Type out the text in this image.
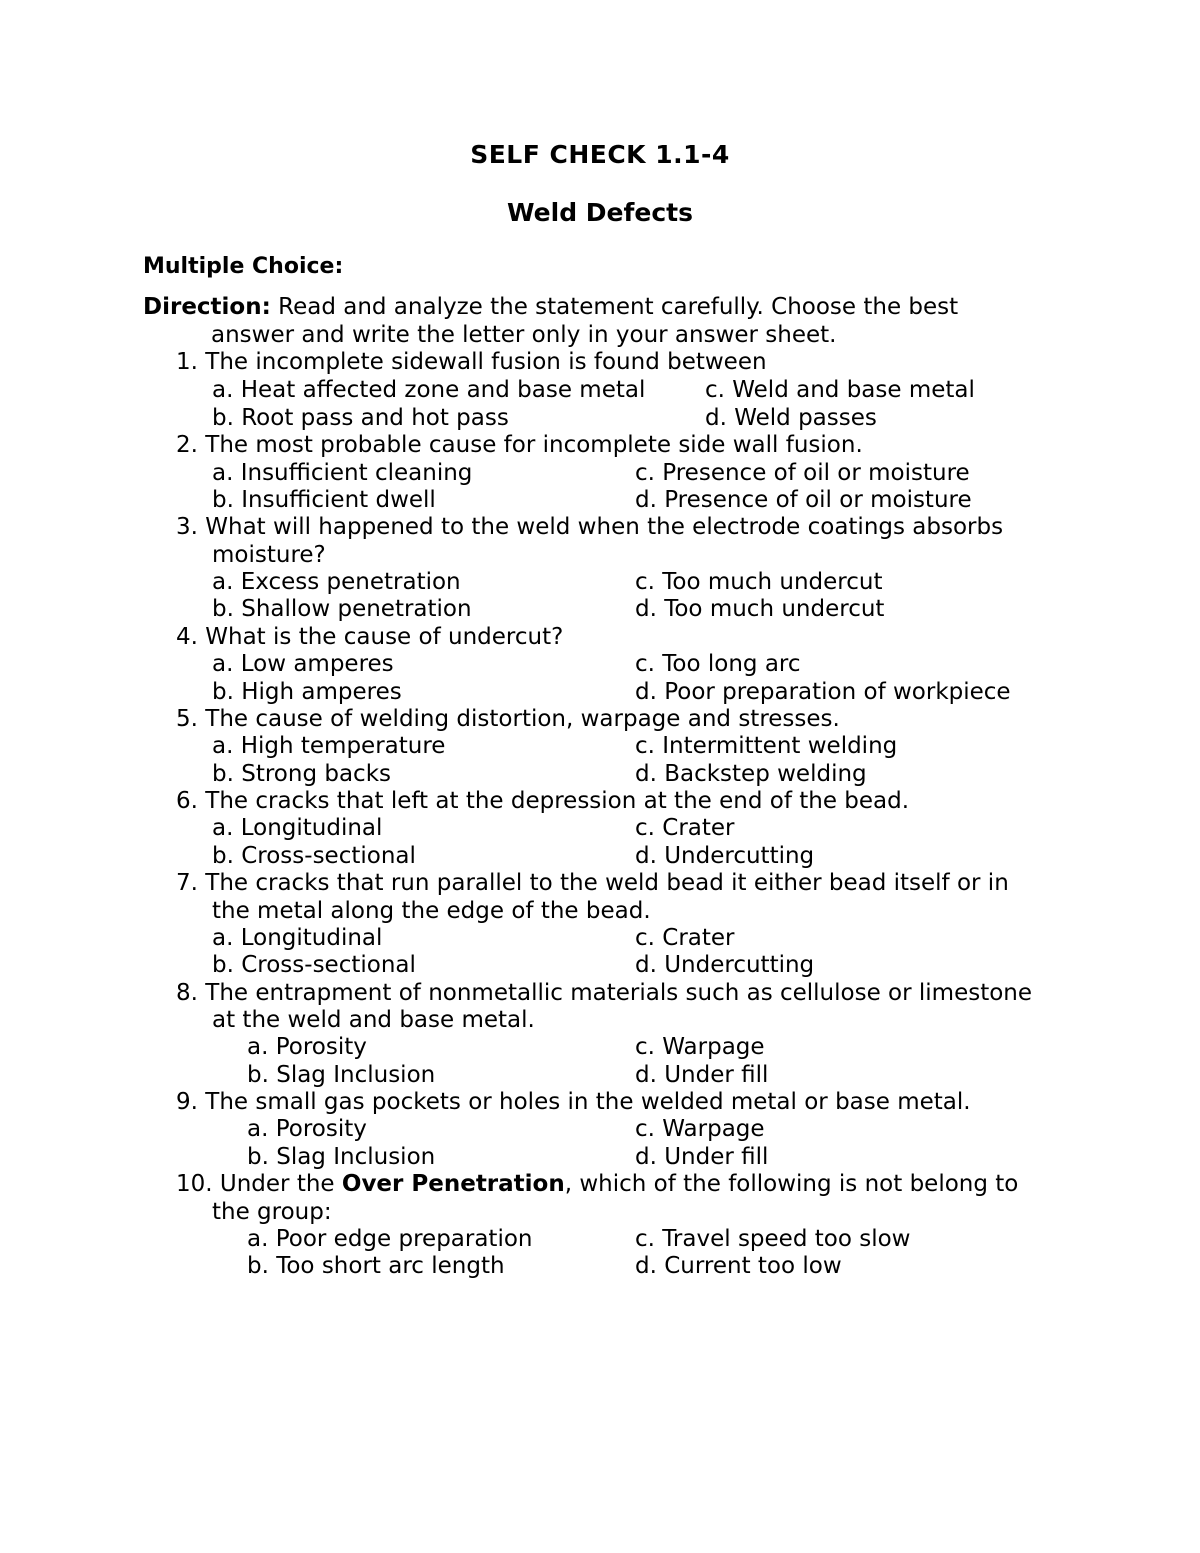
SELF CHECK 1.1-4
Weld Defects
Multiple Choice:
Direction: Read and analyze the statement carefully. Choose the best
answer and write the letter only in your answer sheet.
1. The incomplete sidewall fusion is found between
a. Heat affected zone and base metal	c. Weld and base metal
b. Root pass and hot pass	d. Weld passes
2. The most probable cause for incomplete side wall fusion.
a. Insufficient cleaning	c. Presence of oil or moisture
b. Insufficient dwell	d. Presence of oil or moisture
3. What will happened to the weld when the electrode coatings absorbs
moisture?
a. Excess penetration	c. Too much undercut
b. Shallow penetration	d. Too much undercut
4. What is the cause of undercut?
a. Low amperes	c. Too long arc
b. High amperes	d. Poor preparation of workpiece
5. The cause of welding distortion, warpage and stresses.
a. High temperature	c. Intermittent welding
b. Strong backs	d. Backstep welding
6. The cracks that left at the depression at the end of the bead.
a. Longitudinal	c. Crater
b. Cross-sectional	d. Undercutting
7. The cracks that run parallel to the weld bead it either bead itself or in
the metal along the edge of the bead.
a. Longitudinal	c. Crater
b. Cross-sectional	d. Undercutting
8. The entrapment of nonmetallic materials such as cellulose or limestone
at the weld and base metal.
a. Porosity	c. Warpage
b. Slag Inclusion	d. Under fill
9. The small gas pockets or holes in the welded metal or base metal.
a. Porosity	c. Warpage
b. Slag Inclusion	d. Under fill
10. Under the Over Penetration, which of the following is not belong to
the group:
a. Poor edge preparation	c. Travel speed too slow
b. Too short arc length	d. Current too low
